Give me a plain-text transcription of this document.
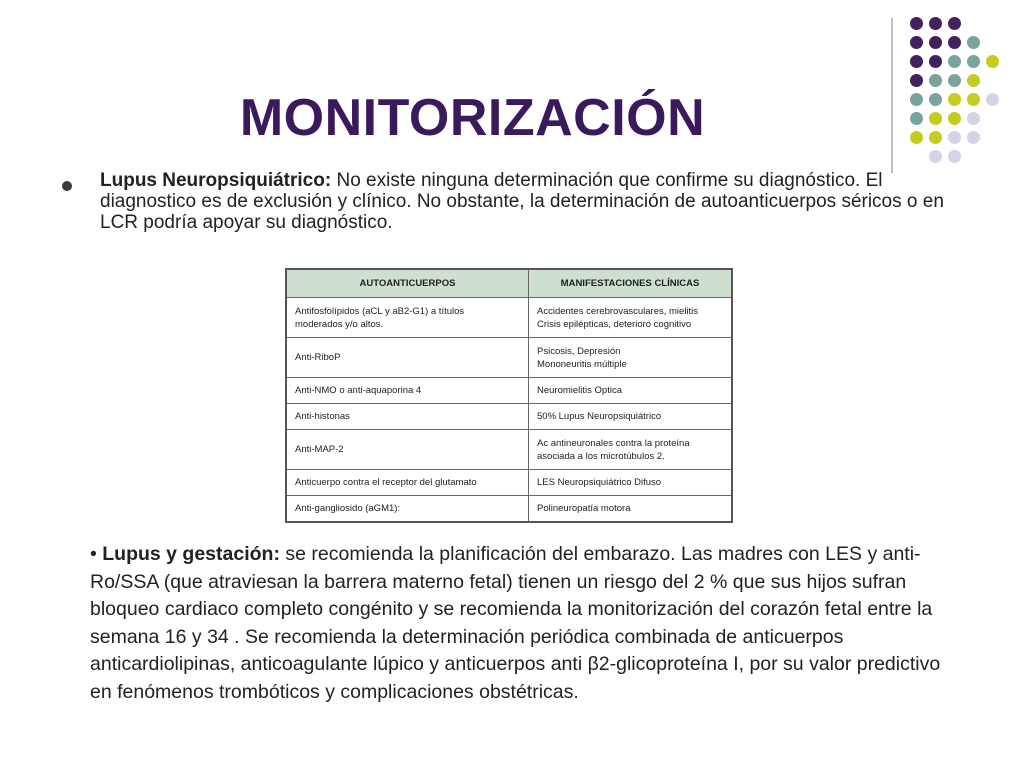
MONITORIZACIÓN
Lupus Neuropsiquiátrico: No existe ninguna determinación que confirme su diagnóstico. El diagnostico es de exclusión y clínico. No obstante, la determinación de autoanticuerpos séricos o en LCR podría apoyar su diagnóstico.
AUTOANTICUERPOS	MANIFESTACIONES CLÍNICAS

Antifosfolípidos (aCL y aB2-G1) a títulos
moderados y/o altos.	Accidentes cerebrovasculares, mielitis
Crisis epilépticas, deterioro cognitivo

Anti-RiboP	Psicosis, Depresión
Mononeuritis múltiple

Anti-NMO o anti-aquaporina 4	Neuromielitis Optica

Anti-histonas	50% Lupus Neuropsiquiátrico

Anti-MAP-2	Ac antineuronales contra la proteína
asociada a los microtúbulos 2.

Anticuerpo contra el receptor del glutamato	LES Neuropsiquiátrico Difuso

Anti-gangliosido (aGM1):	Polineuropatía motora
• Lupus y gestación: se recomienda la planificación del embarazo. Las madres con LES y anti-Ro/SSA (que atraviesan la barrera materno fetal) tienen un riesgo del 2 % que sus hijos sufran bloqueo cardiaco completo congénito y se recomienda la monitorización del corazón fetal entre la semana 16 y 34 . Se recomienda la determinación periódica combinada de anticuerpos anticardiolipinas, anticoagulante lúpico y anticuerpos anti β2-glicoproteína I, por su valor predictivo en fenómenos trombóticos y complicaciones obstétricas.
